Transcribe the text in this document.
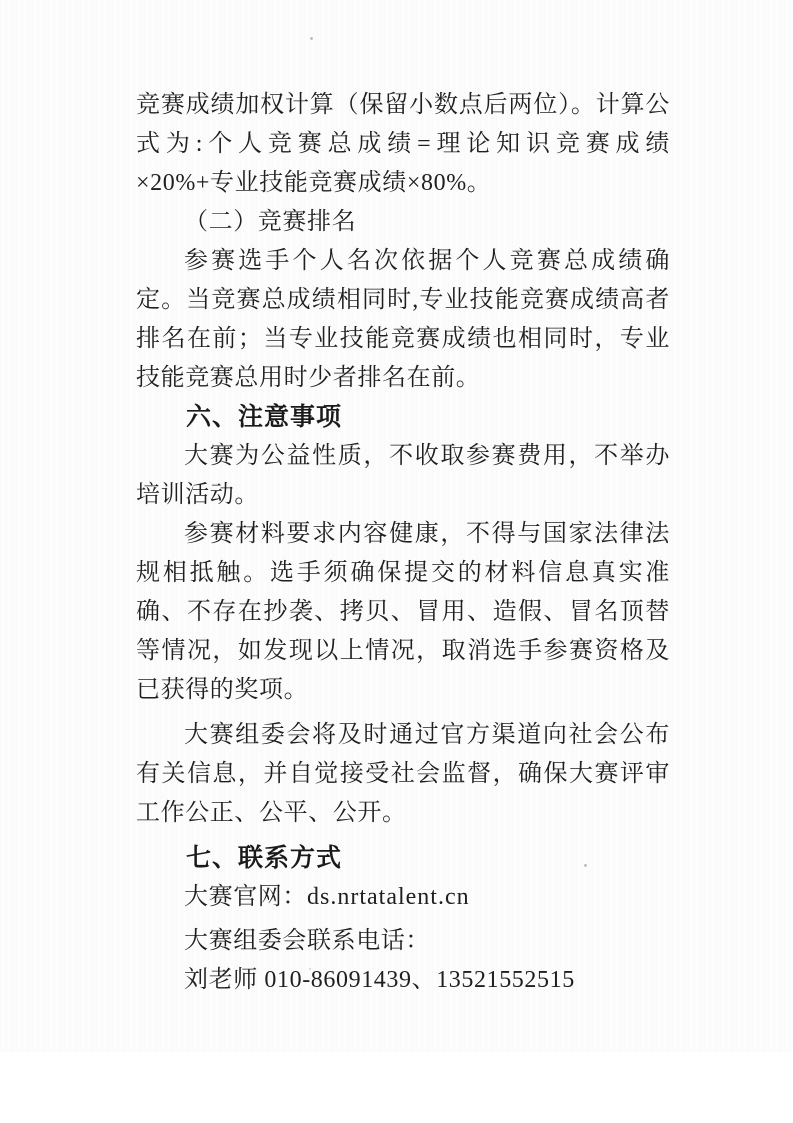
竞赛成绩加权计算（保留小数点后两位）。计算公式为:个人竞赛总成绩=理论知识竞赛成绩×20%+专业技能竞赛成绩×80%。

（二）竞赛排名

参赛选手个人名次依据个人竞赛总成绩确定。当竞赛总成绩相同时,专业技能竞赛成绩高者排名在前；当专业技能竞赛成绩也相同时，专业技能竞赛总用时少者排名在前。

六、注意事项

大赛为公益性质，不收取参赛费用，不举办培训活动。

参赛材料要求内容健康，不得与国家法律法规相抵触。选手须确保提交的材料信息真实准确、不存在抄袭、拷贝、冒用、造假、冒名顶替等情况，如发现以上情况，取消选手参赛资格及已获得的奖项。

大赛组委会将及时通过官方渠道向社会公布有关信息，并自觉接受社会监督，确保大赛评审工作公正、公平、公开。

七、联系方式

大赛官网：ds.nrtatalent.cn

大赛组委会联系电话：

刘老师 010-86091439、13521552515
